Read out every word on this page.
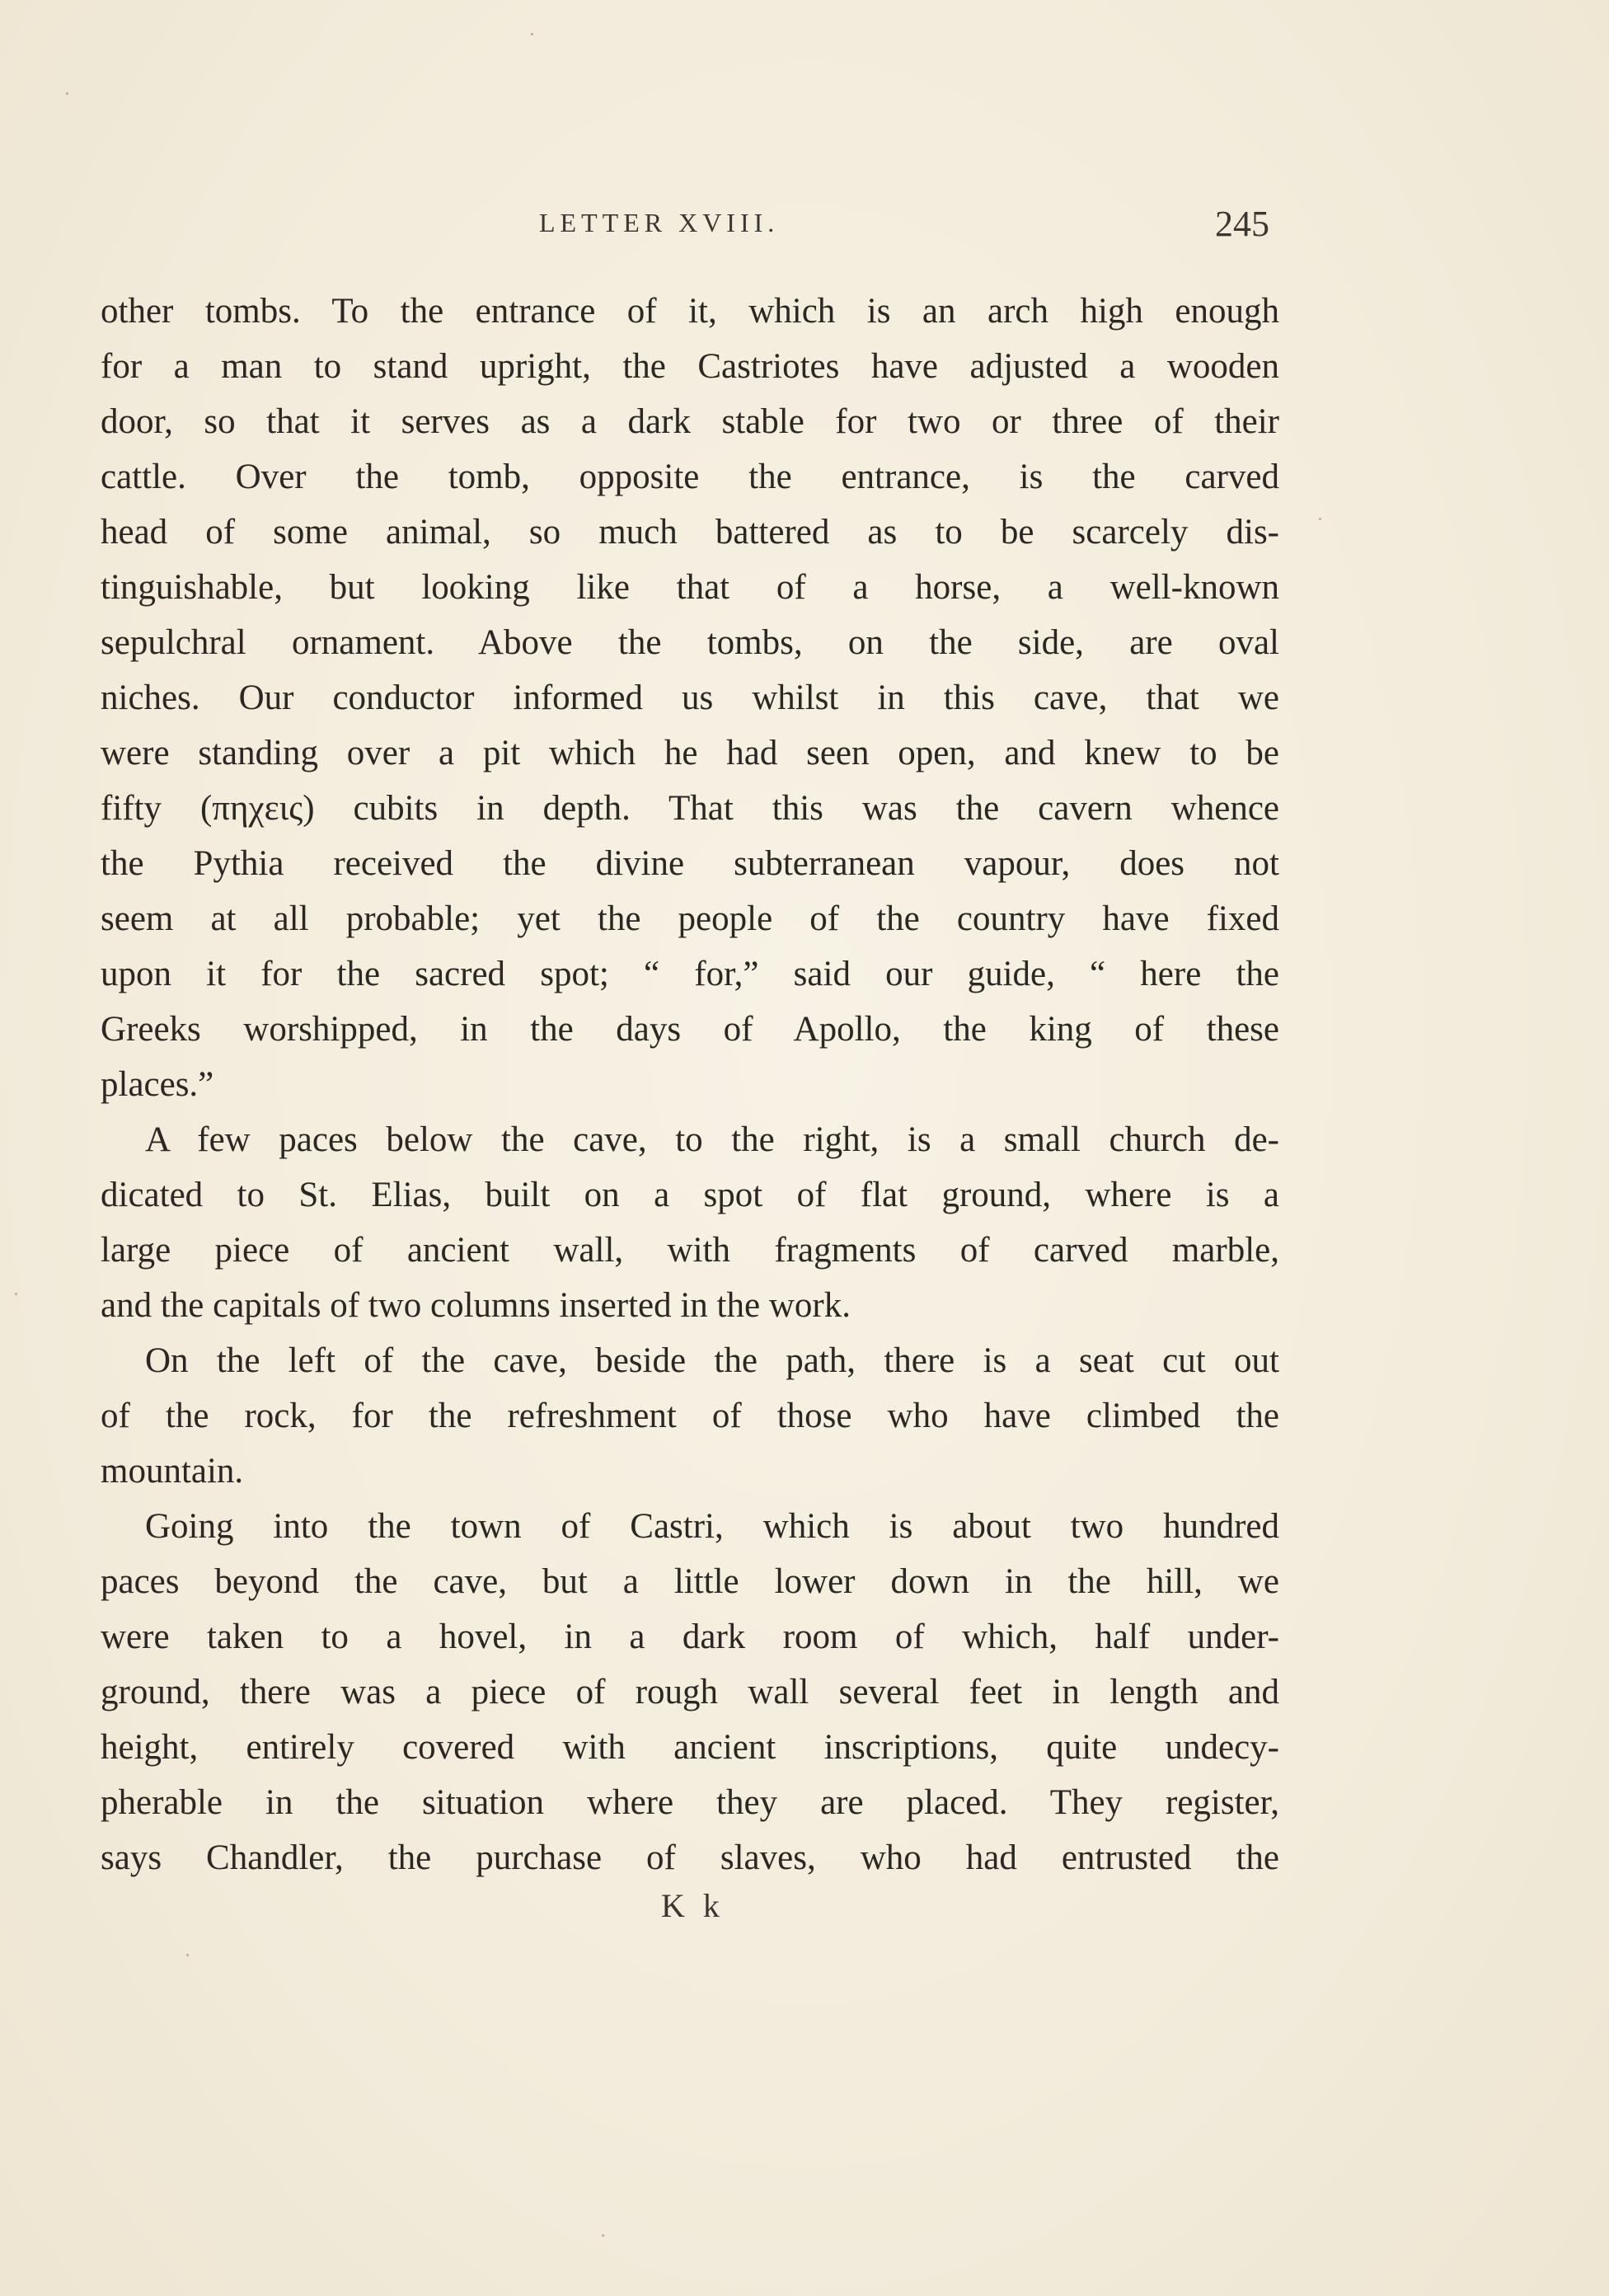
LETTER XVIII.	245
other tombs. To the entrance of it, which is an arch high enough
for a man to stand upright, the Castriotes have adjusted a wooden
door, so that it serves as a dark stable for two or three of their
cattle. Over the tomb, opposite the entrance, is the carved
head of some animal, so much battered as to be scarcely dis-
tinguishable, but looking like that of a horse, a well-known
sepulchral ornament. Above the tombs, on the side, are oval
niches. Our conductor informed us whilst in this cave, that we
were standing over a pit which he had seen open, and knew to be
fifty (πηχεις) cubits in depth. That this was the cavern whence
the Pythia received the divine subterranean vapour, does not
seem at all probable; yet the people of the country have fixed
upon it for the sacred spot; “ for,” said our guide, “ here the
Greeks worshipped, in the days of Apollo, the king of these
places.”
A few paces below the cave, to the right, is a small church de-
dicated to St. Elias, built on a spot of flat ground, where is a
large piece of ancient wall, with fragments of carved marble,
and the capitals of two columns inserted in the work.
On the left of the cave, beside the path, there is a seat cut out
of the rock, for the refreshment of those who have climbed the
mountain.
Going into the town of Castri, which is about two hundred
paces beyond the cave, but a little lower down in the hill, we
were taken to a hovel, in a dark room of which, half under-
ground, there was a piece of rough wall several feet in length and
height, entirely covered with ancient inscriptions, quite undecy-
pherable in the situation where they are placed. They register,
says Chandler, the purchase of slaves, who had entrusted the
K k
